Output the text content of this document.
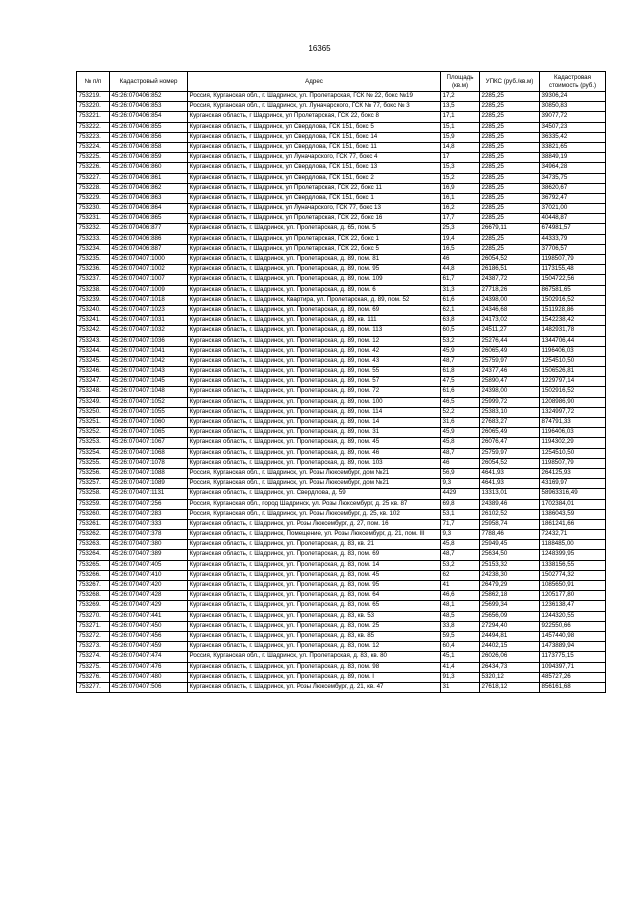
16365
№ п/п	Кадастровый номер	Адрес	Площадь (кв.м)	УПКС (руб./кв.м)	Кадастровая стоимость (руб.)
753219.	45:26:070406:852	Россия, Курганская обл., г. Шадринск, ул. Пролетарская, ГСК № 22, бокс №19	17,2	2285,25	39306,24
753220.	45:26:070406:853	Россия, Курганская обл., г. Шадринск, ул. Луначарского, ГСК № 77, бокс № 3	13,5	2285,25	30850,83
753221.	45:26:070406:854	Курганская область, г Шадринск, ул Пролетарская, ГСК 22, бокс 8	17,1	2285,25	39077,72
753222.	45:26:070406:855	Курганская область, г Шадринск, ул Свердлова, ГСК 151, бокс 5	15,1	2285,25	34507,23
753223.	45:26:070406:856	Курганская область, г Шадринск, ул Свердлова, ГСК 151, бокс 14	15,9	2285,25	36335,42
753224.	45:26:070406:858	Курганская область, г Шадринск, ул Свердлова, ГСК 151, бокс 11	14,8	2285,25	33821,65
753225.	45:26:070406:859	Курганская область, г Шадринск, ул Луначарского, ГСК 77, бокс 4	17	2285,25	38849,19
753226.	45:26:070406:860	Курганская область, г Шадринск, ул Свердлова, ГСК 151, бокс 13	15,3	2285,25	34964,28
753227.	45:26:070406:861	Курганская область, г Шадринск, ул Свердлова, ГСК 151, бокс 2	15,2	2285,25	34735,75
753228.	45:26:070406:862	Курганская область, г Шадринск, ул Пролетарская, ГСК 22, бокс 11	16,9	2285,25	38620,67
753229.	45:26:070406:863	Курганская область, г Шадринск, ул Свердлова, ГСК 151, бокс 1	16,1	2285,25	36792,47
753230.	45:26:070406:864	Курганская область, г Шадринск, ул Луначарского, ГСК 77, бокс 13	16,2	2285,25	37021,00
753231.	45:26:070406:865	Курганская область, г Шадринск, ул Пролетарская, ГСК 22, бокс 16	17,7	2285,25	40448,87
753232.	45:26:070406:877	Курганская область, г. Шадринск, ул. Пролетарская, д. 65, пом. 5	25,3	26679,11	674981,57
753233.	45:26:070406:886	Курганская область, г Шадринск, ул Пролетарская, ГСК 22, бокс 1	19,4	2285,25	44333,79
753234.	45:26:070406:887	Курганская область, г Шадринск, ул Пролетарская, ГСК 22, бокс 5	16,5	2285,25	37706,57
753235.	45:26:070407:1000	Курганская область, г. Шадринск, ул. Пролетарская, д. 89, пом. 81	46	26054,52	1198507,79
753236.	45:26:070407:1002	Курганская область, г. Шадринск, ул. Пролетарская, д. 89, пом. 95	44,8	26186,51	1173155,48
753237.	45:26:070407:1007	Курганская область, г. Шадринск, ул. Пролетарская, д. 89, пом. 109	61,7	24387,72	1504722,56
753238.	45:26:070407:1009	Курганская область, г. Шадринск, ул. Пролетарская, д. 89, пом. 6	31,3	27718,26	867581,65
753239.	45:26:070407:1018	Курганская область, г. Шадринск, Квартира, ул. Пролетарская, д. 89, пом. 52	61,6	24398,00	1502916,52
753240.	45:26:070407:1023	Курганская область, г. Шадринск, ул. Пролетарская, д. 89, пом. 69	62,1	24346,68	1511928,86
753241.	45:26:070407:1031	Курганская область, г. Шадринск, ул. Пролетарская, д. 89, кв. 111	63,8	24173,02	1542238,42
753242.	45:26:070407:1032	Курганская область, г. Шадринск, ул. Пролетарская, д. 89, пом. 113	60,5	24511,27	1482931,78
753243.	45:26:070407:1036	Курганская область, г. Шадринск, ул. Пролетарская, д. 89, пом. 12	53,2	25276,44	1344706,44
753244.	45:26:070407:1041	Курганская область, г. Шадринск, ул. Пролетарская, д. 89, пом. 42	45,9	26065,49	1196406,03
753245.	45:26:070407:1042	Курганская область, г. Шадринск, ул. Пролетарская, д. 89, пом. 43	48,7	25759,97	1254510,50
753246.	45:26:070407:1043	Курганская область, г. Шадринск, ул. Пролетарская, д. 89, пом. 55	61,8	24377,46	1506526,81
753247.	45:26:070407:1045	Курганская область, г. Шадринск, ул. Пролетарская, д. 89, пом. 57	47,5	25890,47	1229797,14
753248.	45:26:070407:1048	Курганская область, г. Шадринск, ул. Пролетарская, д. 89, пом. 72	61,6	24398,00	1502916,52
753249.	45:26:070407:1052	Курганская область, г. Шадринск, ул. Пролетарская, д. 89, пом. 100	46,5	25999,72	1208986,90
753250.	45:26:070407:1055	Курганская область, г. Шадринск, ул. Пролетарская, д. 89, пом. 114	52,2	25383,10	1324997,72
753251.	45:26:070407:1060	Курганская область, г. Шадринск, ул. Пролетарская, д. 89, пом. 14	31,6	27683,27	874791,33
753252.	45:26:070407:1065	Курганская область, г. Шадринск, ул. Пролетарская, д. 89, пом. 31	45,9	26065,49	1196406,03
753253.	45:26:070407:1067	Курганская область, г. Шадринск, ул. Пролетарская, д. 89, пом. 45	45,8	26076,47	1194302,29
753254.	45:26:070407:1068	Курганская область, г. Шадринск, ул. Пролетарская, д. 89, пом. 46	48,7	25759,97	1254510,50
753255.	45:26:070407:1078	Курганская область, г. Шадринск, ул. Пролетарская, д. 89, пом. 103	46	26054,52	1198507,79
753256.	45:26:070407:1088	Россия, Курганская обл., г. Шадринск, ул. Розы Люксембург, дом №21	56,9	4641,93	264125,93
753257.	45:26:070407:1089	Россия, Курганская обл., г. Шадринск, ул. Розы Люксембург, дом №21	9,3	4641,93	43169,97
753258.	45:26:070407:1131	Курганская область, г. Шадринск, ул. Свердлова, д. 59	4429	13313,01	58963316,49
753259.	45:26:070407:256	Россия, Курганская обл., город Шадринск, ул. Розы Люксембург, д. 25 кв. 87	69,8	24389,46	1702384,01
753260.	45:26:070407:283	Россия, Курганская обл., г. Шадринск, ул. Розы Люксембург, д. 25, кв. 102	53,1	26102,52	1386043,59
753261.	45:26:070407:333	Курганская область, г. Шадринск, ул. Розы Люксембург, д. 27, пом. 16	71,7	25958,74	1861241,66
753262.	45:26:070407:378	Курганская область, г. Шадринск, Помещение, ул. Розы Люксембург, д. 21, пом. III	9,3	7788,46	72432,71
753263.	45:26:070407:380	Курганская область, г. Шадринск, ул. Пролетарская, д. 83, кв. 21	45,8	25949,45	1188485,00
753264.	45:26:070407:389	Курганская область, г. Шадринск, ул. Пролетарская, д. 83, пом. 69	48,7	25634,50	1248399,95
753265.	45:26:070407:405	Курганская область, г. Шадринск, ул. Пролетарская, д. 83, пом. 14	53,2	25153,32	1338156,55
753266.	45:26:070407:410	Курганская область, г. Шадринск, ул. Пролетарская, д. 83, пом. 45	62	24238,30	1502774,32
753267.	45:26:070407:420	Курганская область, г. Шадринск, ул. Пролетарская, д. 83, пом. 95	41	26479,29	1085650,91
753268.	45:26:070407:428	Курганская область, г. Шадринск, ул. Пролетарская, д. 83, пом. 64	46,6	25862,18	1205177,80
753269.	45:26:070407:429	Курганская область, г. Шадринск, ул. Пролетарская, д. 83, пом. 65	48,1	25699,34	1236138,47
753270.	45:26:070407:441	Курганская область, г. Шадринск, ул. Пролетарская, д. 83, кв. 53	48,5	25656,09	1244320,55
753271.	45:26:070407:450	Курганская область, г. Шадринск, ул. Пролетарская, д. 83, пом. 25	33,8	27294,40	922550,66
753272.	45:26:070407:456	Курганская область, г. Шадринск, ул. Пролетарская, д. 83, кв. 85	59,5	24494,81	1457440,98
753273.	45:26:070407:459	Курганская область, г. Шадринск, ул. Пролетарская, д. 83, пом. 12	60,4	24402,15	1473889,94
753274.	45:26:070407:474	Россия, Курганская обл., г. Шадринск, ул. Пролетарская, д. 83, кв. 80	45,1	26026,06	1173775,15
753275.	45:26:070407:476	Курганская область, г. Шадринск, ул. Пролетарская, д. 83, пом. 98	41,4	26434,73	1094397,71
753276.	45:26:070407:480	Курганская область, г. Шадринск, ул. Пролетарская, д. 89, пом. I	91,3	5320,12	485727,26
753277.	45:26:070407:506	Курганская область, г. Шадринск, ул. Розы Люксембург, д. 21, кв. 47	31	27618,12	856161,68
